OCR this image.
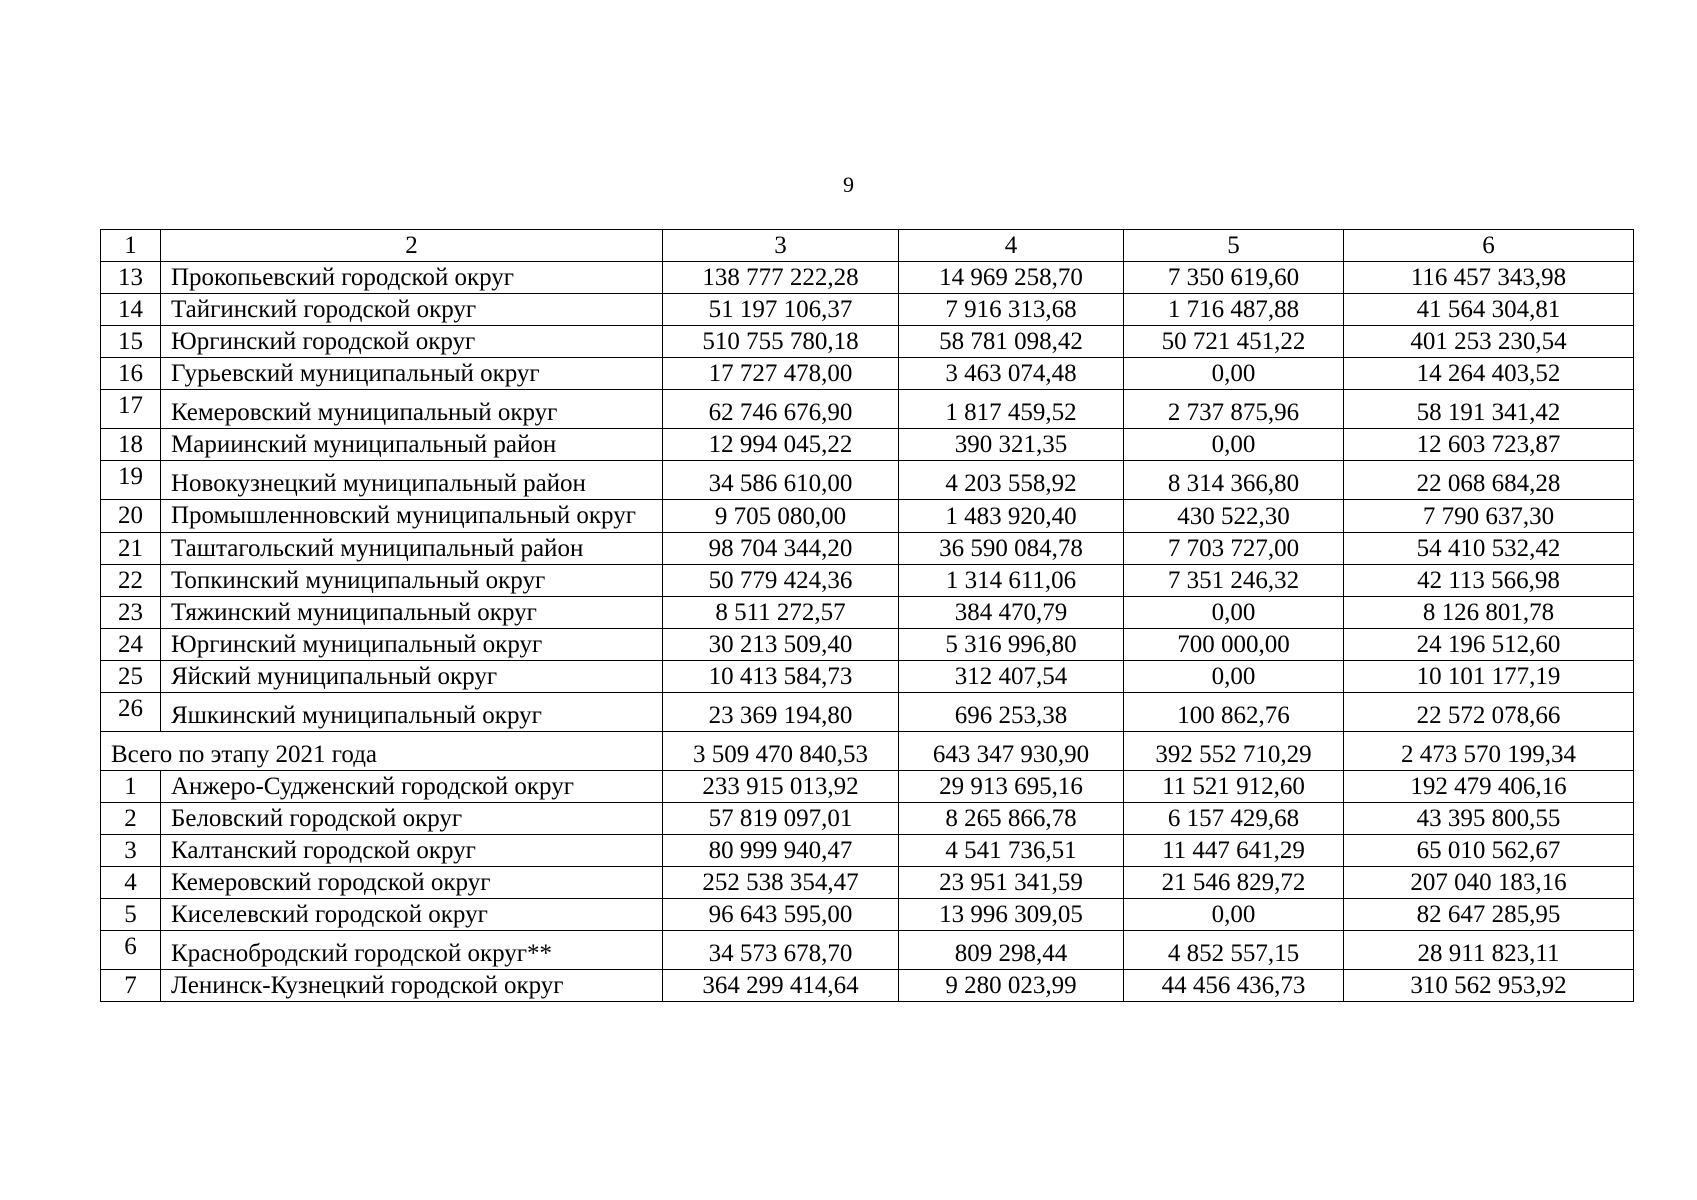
9
1	2	3	4	5	6
13	Прокопьевский городской округ	138 777 222,28	14 969 258,70	7 350 619,60	116 457 343,98
14	Тайгинский городской округ	51 197 106,37	7 916 313,68	1 716 487,88	41 564 304,81
15	Юргинский городской округ	510 755 780,18	58 781 098,42	50 721 451,22	401 253 230,54
16	Гурьевский муниципальный округ	17 727 478,00	3 463 074,48	0,00	14 264 403,52
17	Кемеровский муниципальный округ	62 746 676,90	1 817 459,52	2 737 875,96	58 191 341,42
18	Мариинский муниципальный район	12 994 045,22	390 321,35	0,00	12 603 723,87
19	Новокузнецкий муниципальный район	34 586 610,00	4 203 558,92	8 314 366,80	22 068 684,28
20	Промышленновский муниципальный округ	9 705 080,00	1 483 920,40	430 522,30	7 790 637,30
21	Таштагольский муниципальный район	98 704 344,20	36 590 084,78	7 703 727,00	54 410 532,42
22	Топкинский муниципальный округ	50 779 424,36	1 314 611,06	7 351 246,32	42 113 566,98
23	Тяжинский муниципальный округ	8 511 272,57	384 470,79	0,00	8 126 801,78
24	Юргинский муниципальный округ	30 213 509,40	5 316 996,80	700 000,00	24 196 512,60
25	Яйский муниципальный округ	10 413 584,73	312 407,54	0,00	10 101 177,19
26	Яшкинский муниципальный округ	23 369 194,80	696 253,38	100 862,76	22 572 078,66
Всего по этапу 2021 года		3 509 470 840,53	643 347 930,90	392 552 710,29	2 473 570 199,34
1	Анжеро-Судженский городской округ	233 915 013,92	29 913 695,16	11 521 912,60	192 479 406,16
2	Беловский городской округ	57 819 097,01	8 265 866,78	6 157 429,68	43 395 800,55
3	Калтанский городской округ	80 999 940,47	4 541 736,51	11 447 641,29	65 010 562,67
4	Кемеровский городской округ	252 538 354,47	23 951 341,59	21 546 829,72	207 040 183,16
5	Киселевский городской округ	96 643 595,00	13 996 309,05	0,00	82 647 285,95
6	Краснобродский городской округ**	34 573 678,70	809 298,44	4 852 557,15	28 911 823,11
7	Ленинск-Кузнецкий городской округ	364 299 414,64	9 280 023,99	44 456 436,73	310 562 953,92
